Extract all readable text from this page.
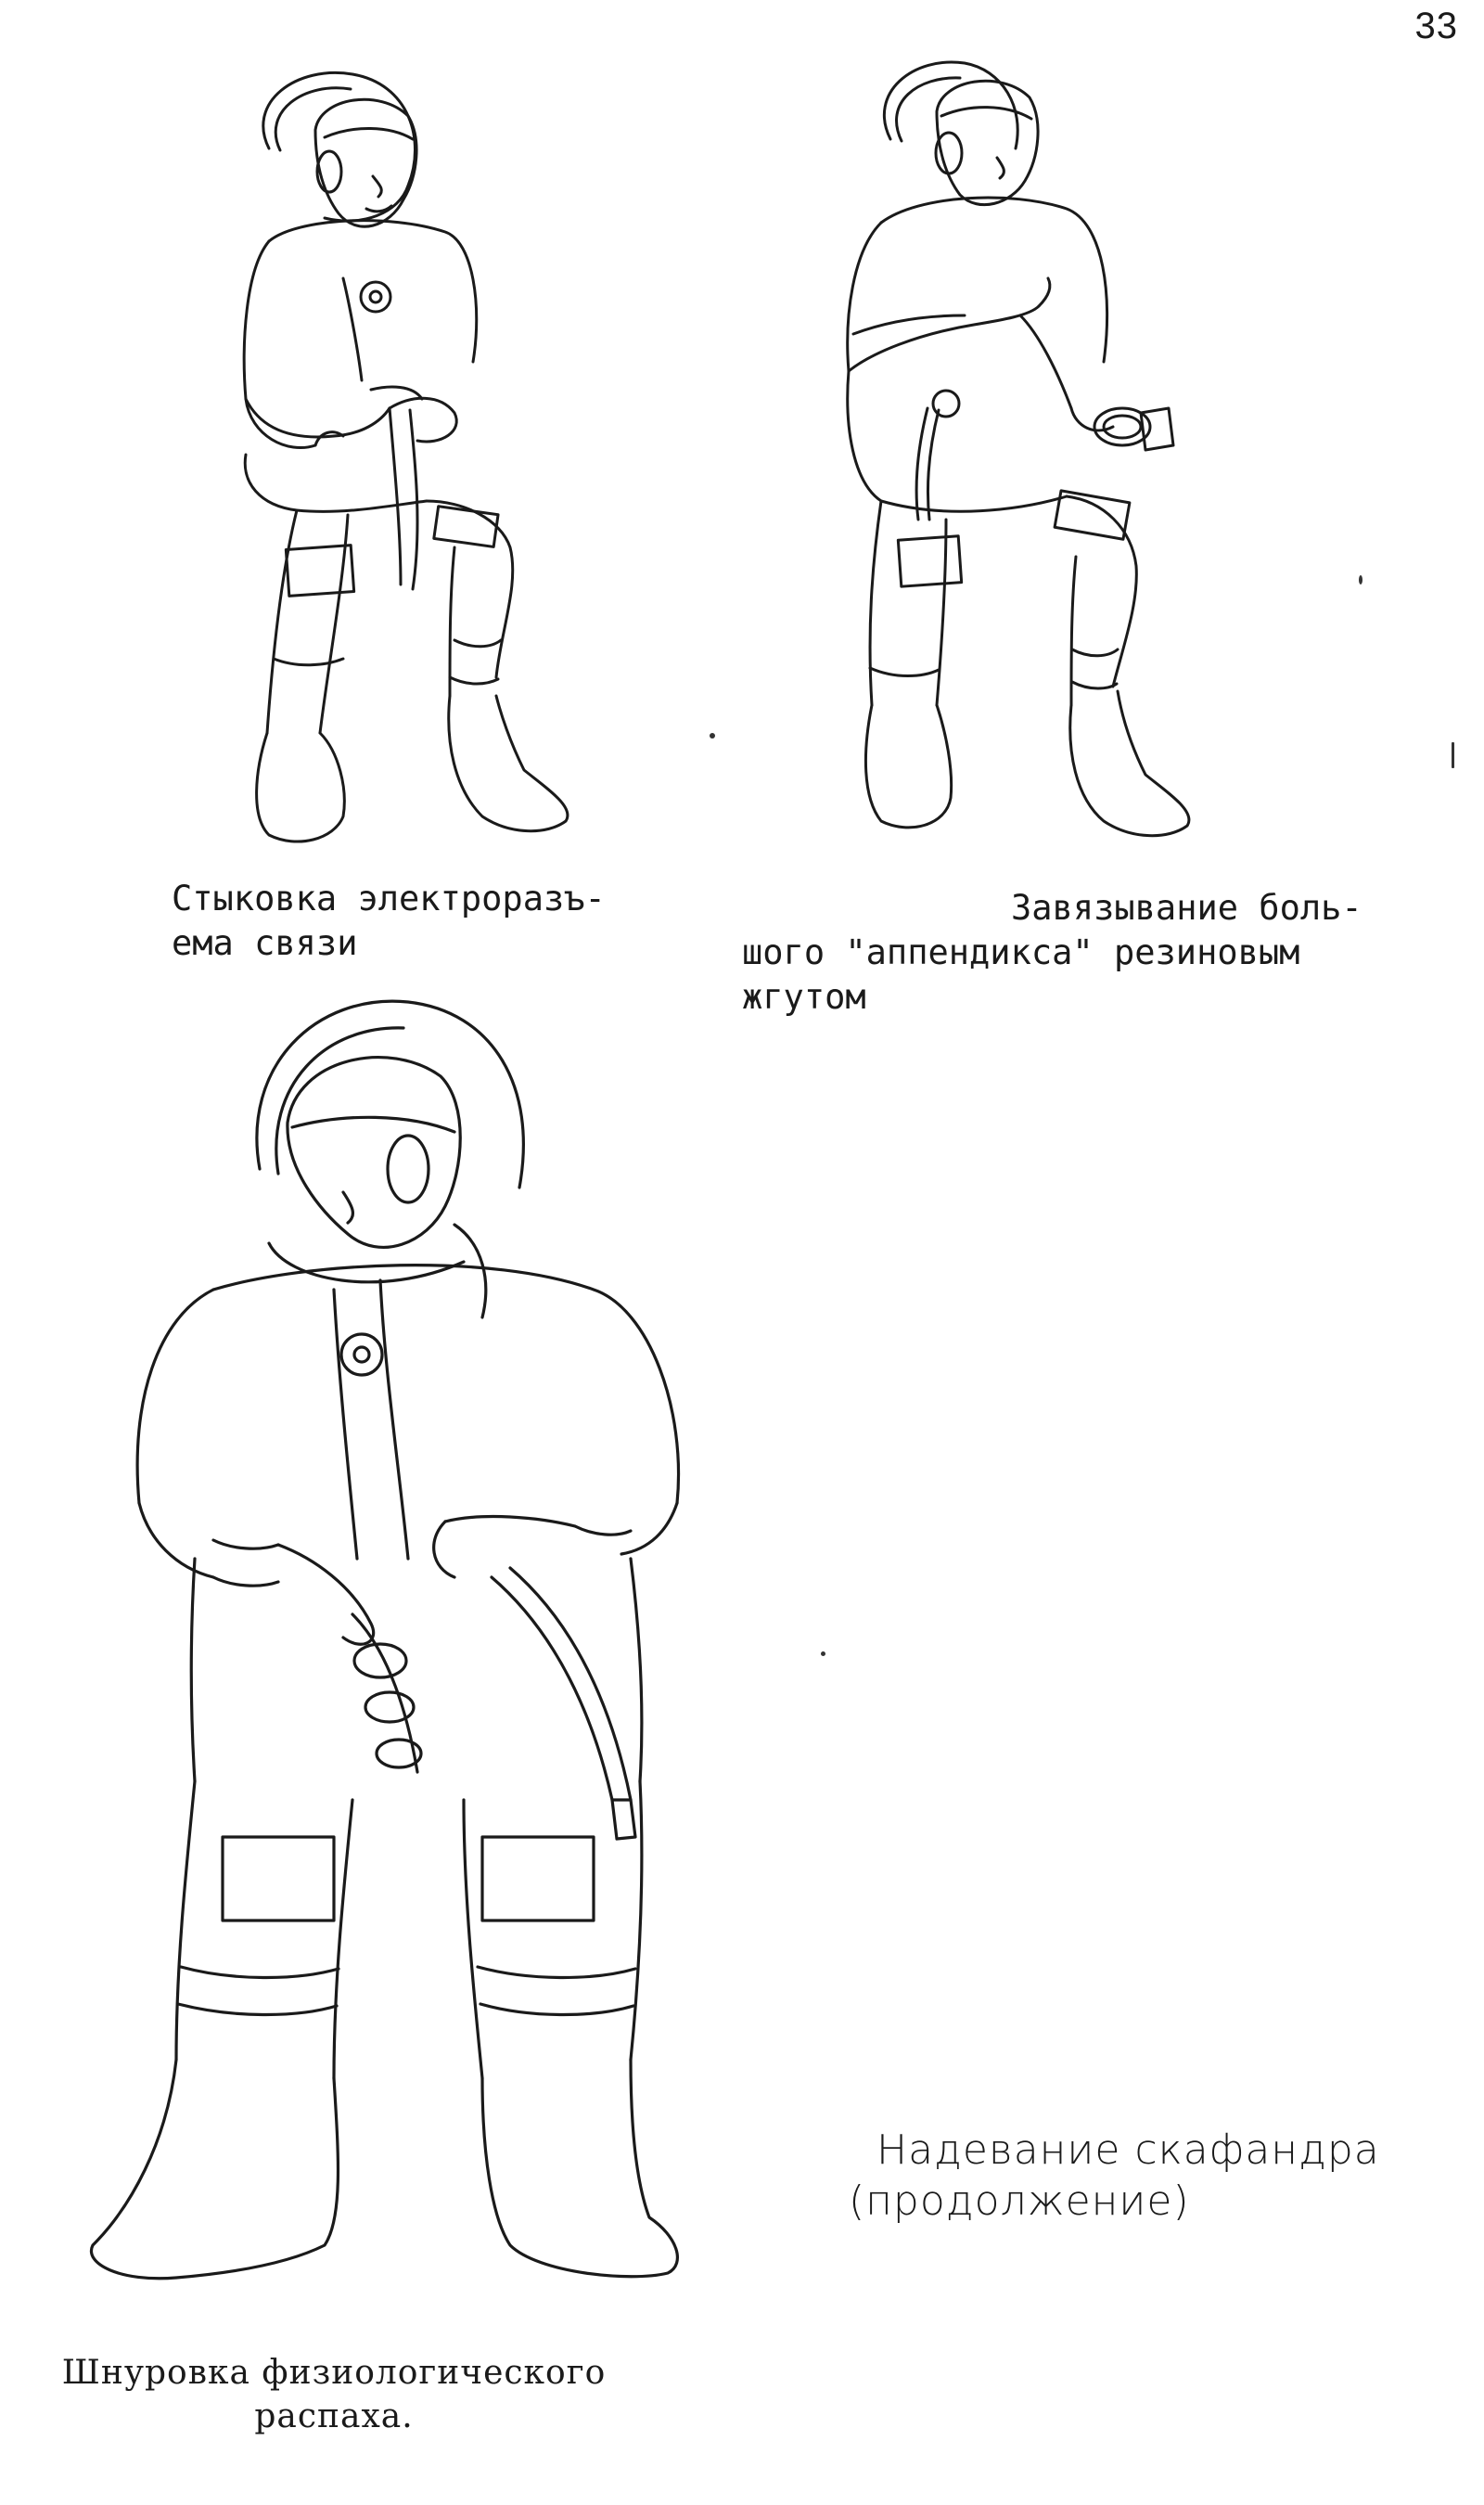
33
Стыковка электроразъ-
ема связи
Завязывание боль-
шого "аппендикса" резиновым
жгутом
Шнуровка физиологического
распаха.
Надевание скафандра
(продолжение)
